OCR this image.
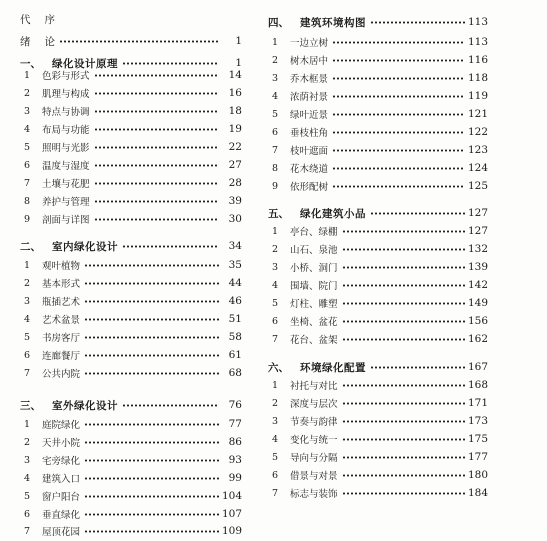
代 序
绪 论	1
一、	绿化设计原理	1
1	色彩与形式	14
2	肌理与构成	16
3	特点与协调	18
4	布局与功能	19
5	照明与光影	22
6	温度与湿度	27
7	土壤与花肥	28
8	养护与管理	39
9	剖面与详图	30
二、	室内绿化设计	34
1	观叶植物	35
2	基本形式	44
3	瓶插艺术	46
4	艺术盆景	51
5	书房客厅	58
6	连廊餐厅	61
7	公共内院	68
三、	室外绿化设计	76
1	庭院绿化	77
2	天井小院	86
3	宅旁绿化	93
4	建筑入口	99
5	窗户阳台	104
6	垂直绿化	107
7	屋顶花园	109
四、	建筑环境构图	113
1	一边立树	113
2	树木居中	116
3	乔木框景	118
4	浓荫衬景	119
5	绿叶近景	121
6	垂枝柱角	122
7	枝叶遮面	123
8	花木绕道	124
9	依形配树	125
五、	绿化建筑小品	127
1	亭台、绿棚	127
2	山石、泉池	132
3	小桥、洞门	139
4	围墙、院门	142
5	灯柱、雕塑	149
6	坐椅、盆花	156
7	花台、盆架	162
六、	环境绿化配置	167
1	衬托与对比	168
2	深度与层次	171
3	节奏与韵律	173
4	变化与统一	175
5	导向与分隔	177
6	借景与对景	180
7	标志与装饰	184
